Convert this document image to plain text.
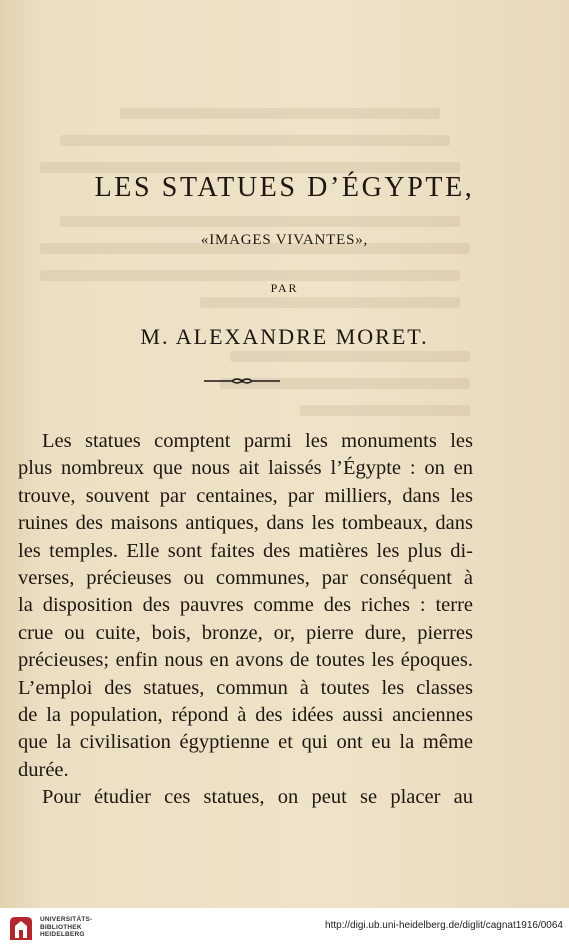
LES STATUES D’ÉGYPTE,
«IMAGES VIVANTES»,
PAR
M. ALEXANDRE MORET.
Les statues comptent parmi les monuments les
plus nombreux que nous ait laissés l’Égypte : on en
trouve, souvent par centaines, par milliers, dans les
ruines des maisons antiques, dans les tombeaux, dans
les temples. Elle sont faites des matières les plus di-
verses, précieuses ou communes, par conséquent à
la disposition des pauvres comme des riches : terre
crue ou cuite, bois, bronze, or, pierre dure, pierres
précieuses; enfin nous en avons de toutes les époques.
L’emploi des statues, commun à toutes les classes
de la population, répond à des idées aussi anciennes
que la civilisation égyptienne et qui ont eu la même
durée.
Pour étudier ces statues, on peut se placer au
UNIVERSITÄTS-
BIBLIOTHEK
HEIDELBERG
http://digi.ub.uni-heidelberg.de/diglit/cagnat1916/0064
